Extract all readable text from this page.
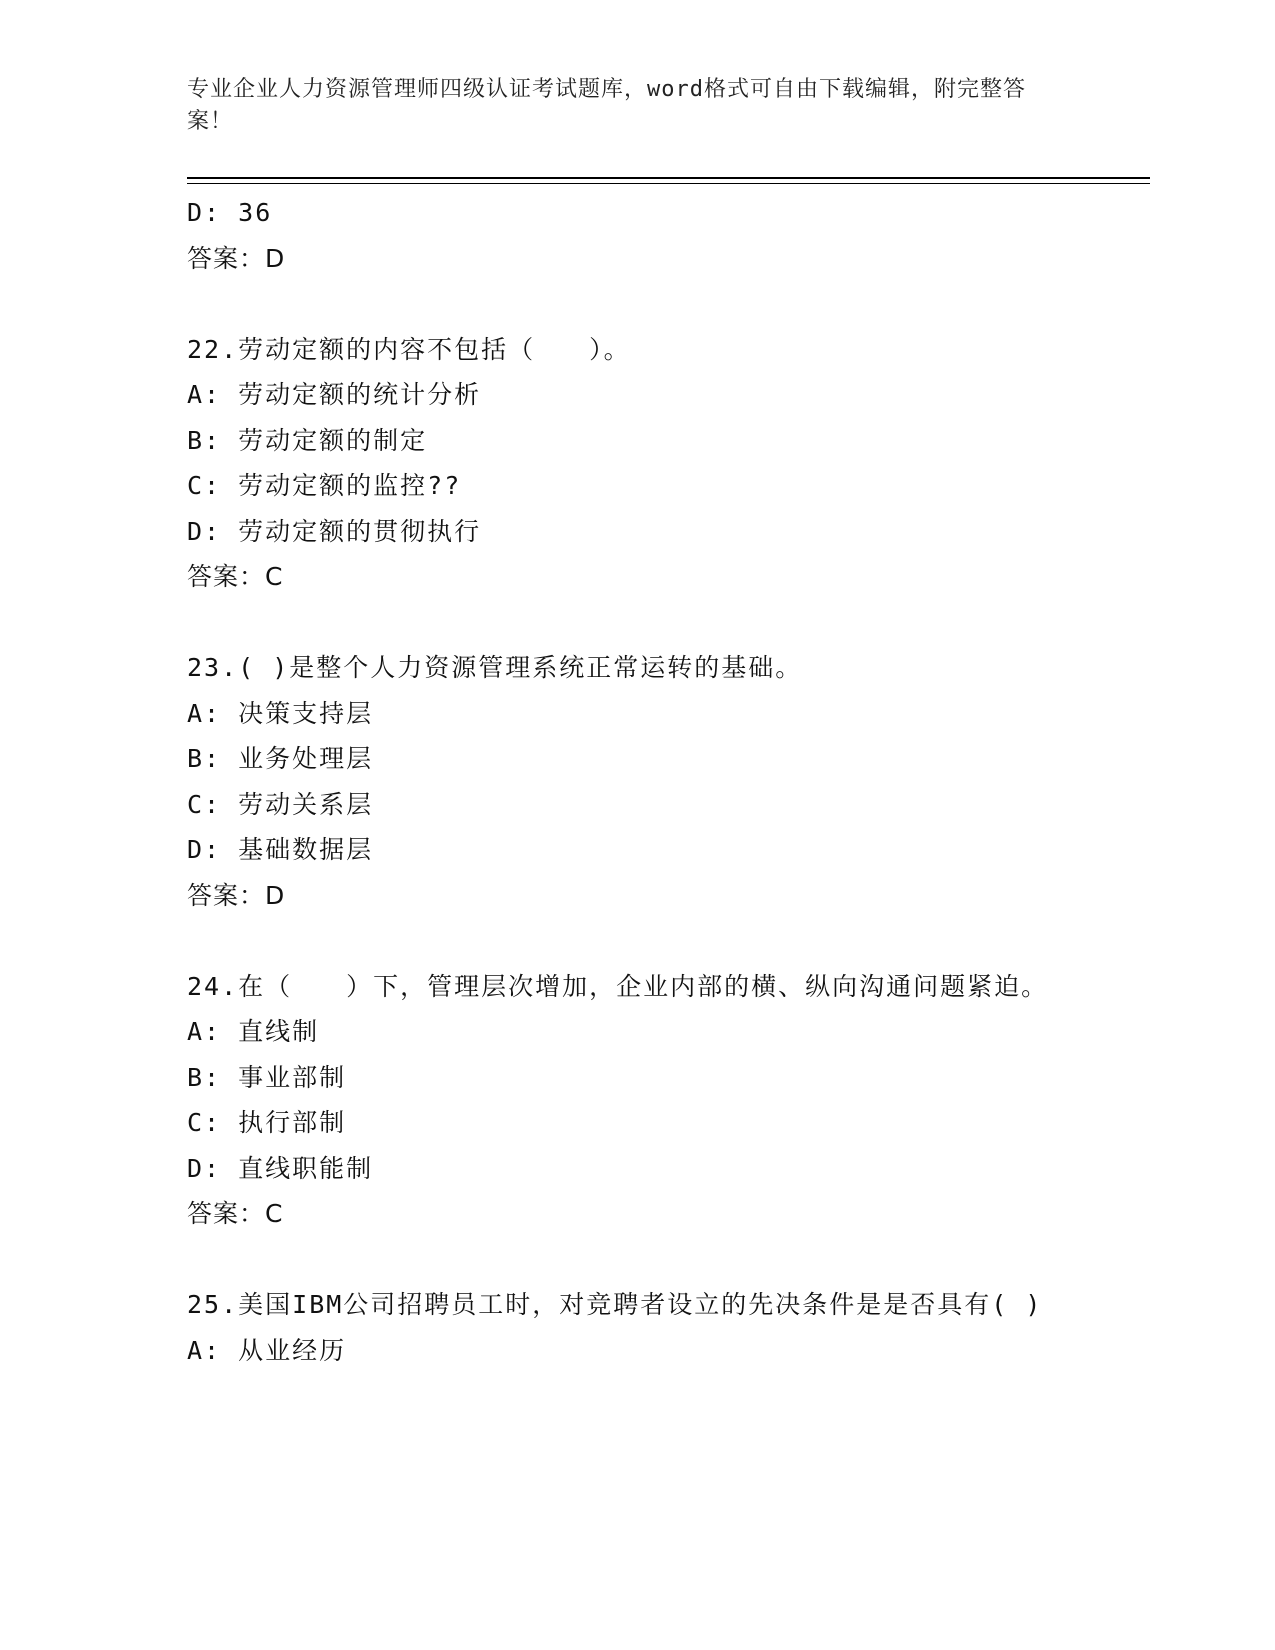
专业企业人力资源管理师四级认证考试题库，word格式可自由下载编辑，附完整答案！
D: 36
答案：D
22.劳动定额的内容不包括（　　）。
A: 劳动定额的统计分析
B: 劳动定额的制定
C: 劳动定额的监控??
D: 劳动定额的贯彻执行
答案：C
23.( )是整个人力资源管理系统正常运转的基础。
A: 决策支持层
B: 业务处理层
C: 劳动关系层
D: 基础数据层
答案：D
24.在（　　）下，管理层次增加，企业内部的横、纵向沟通问题紧迫。
A: 直线制
B: 事业部制
C: 执行部制
D: 直线职能制
答案：C
25.美国IBM公司招聘员工时，对竞聘者设立的先决条件是是否具有( )
A: 从业经历
